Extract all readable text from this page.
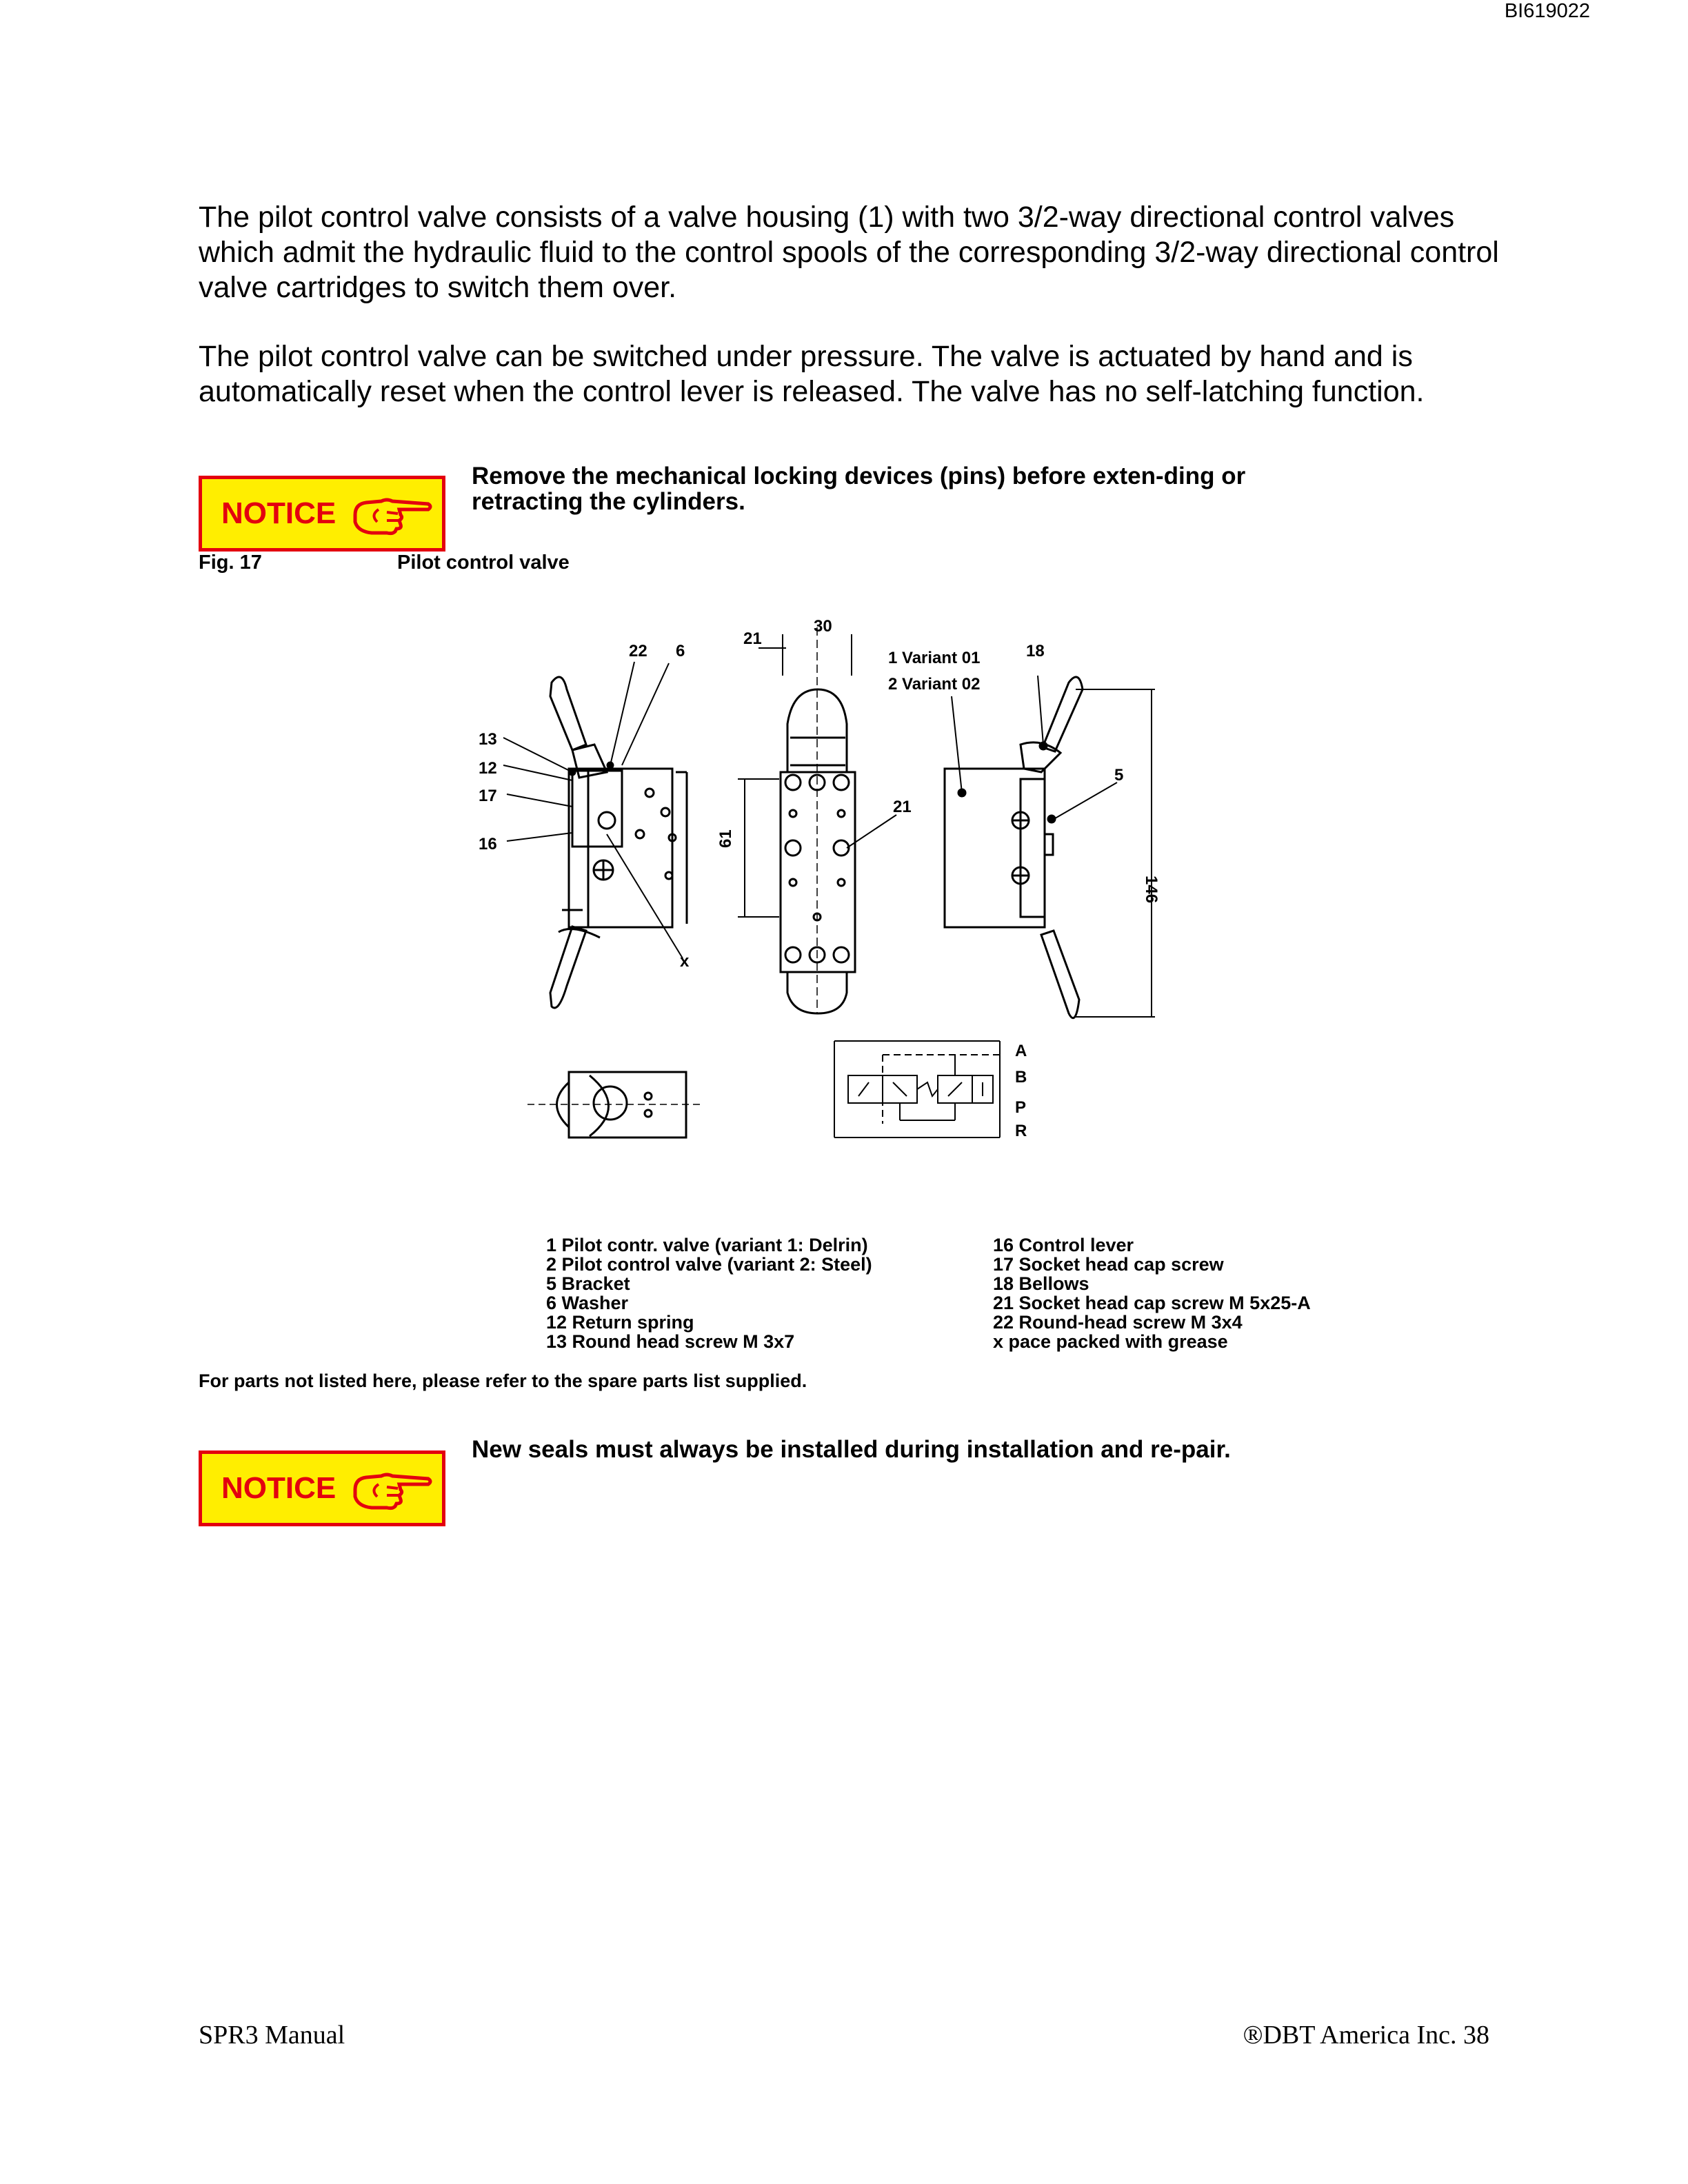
BI619022

The pilot control valve consists of a valve housing (1) with two 3/2-way directional control valves which admit the hydraulic fluid to the control spools of the corresponding 3/2-way directional control valve cartridges to switch them over.

The pilot control valve can be switched under pressure. The valve is actuated by hand and is automatically reset when the control lever is released. The valve has no self-latching function.

NOTICE

Remove the mechanical locking devices (pins) before exten-ding or retracting the cylinders.

Fig. 17	Pilot control valve
22 6
21
30
13
12
17
16
x
61
21
1 Variant 01
2 Variant 02
18
5
146
A
B
P
R
1 Pilot contr. valve (variant 1: Delrin)
2 Pilot control valve (variant 2: Steel)
5 Bracket
6 Washer
12 Return spring
13 Round head screw M 3x7
16 Control lever
17 Socket head cap screw
18 Bellows
21 Socket head cap screw M 5x25-A
22 Round-head screw M 3x4
x pace packed with grease
For parts not listed here, please refer to the spare parts list supplied.
NOTICE

New seals must always be installed during installation and re-pair.

SPR3 Manual	®DBT America Inc. 38
